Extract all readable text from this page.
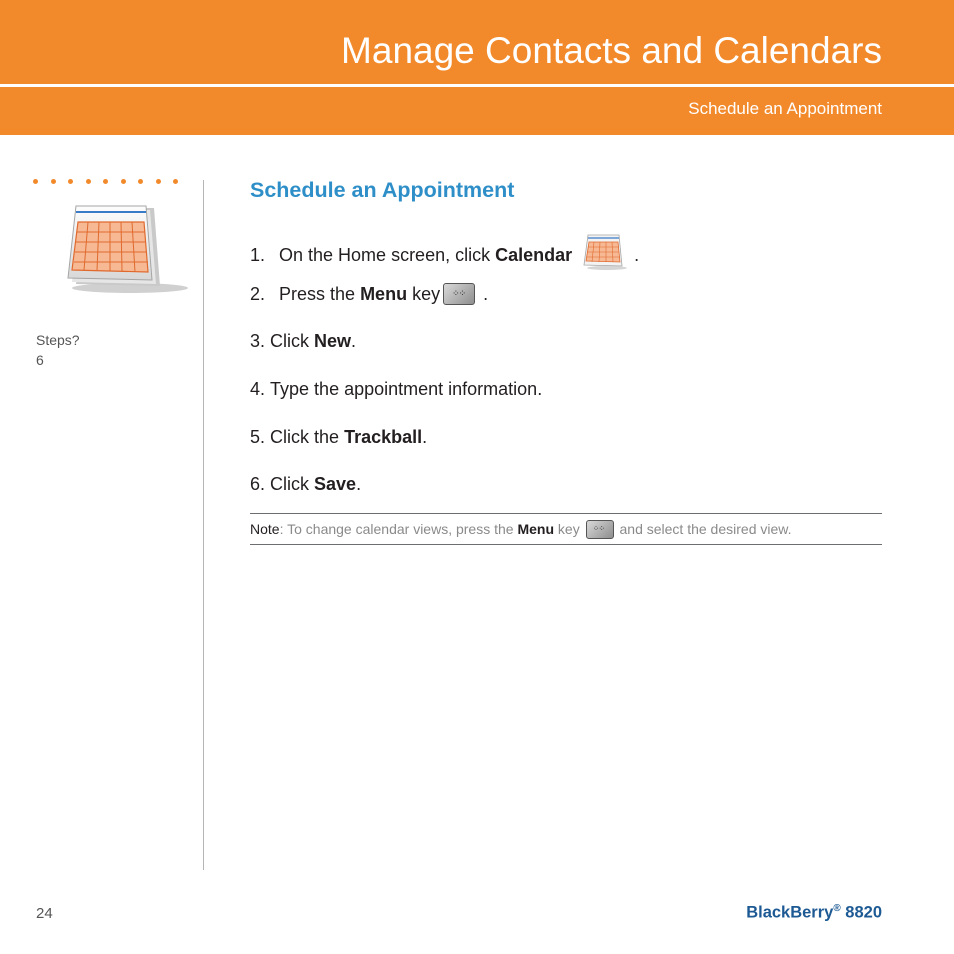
Manage Contacts and Calendars
Schedule an Appointment
Steps?
6
Schedule an Appointment
1. On the Home screen, click Calendar	.
2. Press the Menu key ⁘⁘ .
3.
Click New .
4.
Type the appointment information.
5.
Click the Trackball .
6.
Click Save .
Note : To change calendar views, press the Menu key ⁘⁘ and select the desired view.
24	BlackBerry® 8820
